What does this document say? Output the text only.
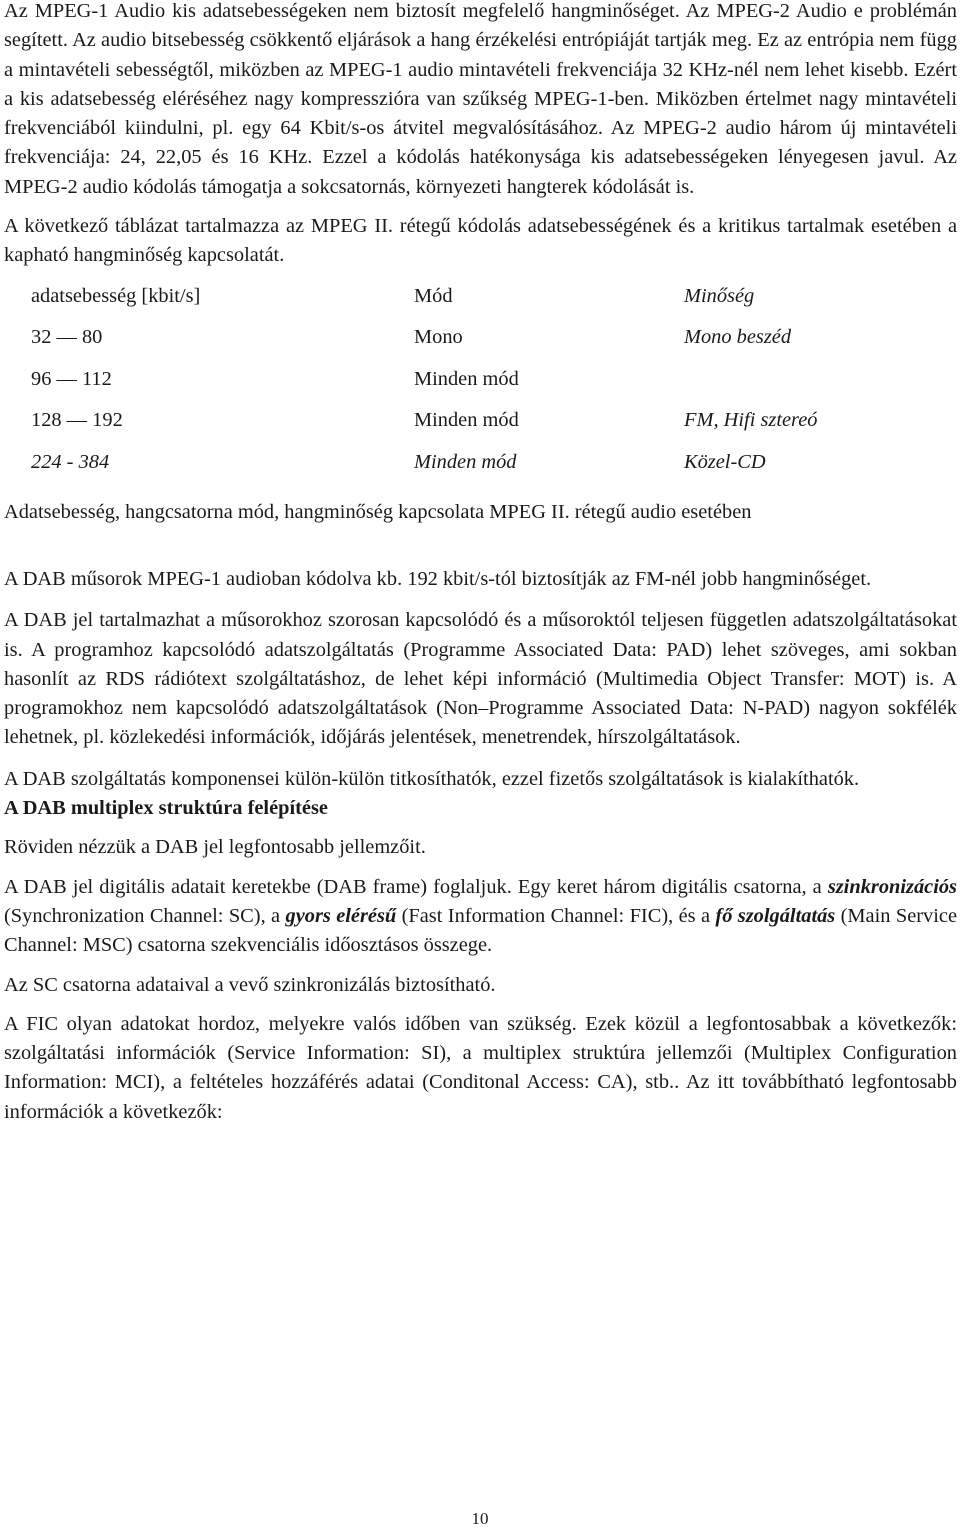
Az MPEG-1 Audio kis adatsebességeken nem biztosít megfelelő hangminőséget. Az MPEG-2 Audio e problémán segített. Az audio bitsebesség csökkentő eljárások a hang érzékelési entrópiáját tartják meg. Ez az entrópia nem függ a mintavételi sebességtől, miközben az MPEG-1 audio mintavételi frekvenciája 32 KHz-nél nem lehet kisebb. Ezért a kis adatsebesség eléréséhez nagy kompresszióra van szűkség MPEG-1-ben. Miközben értelmet nagy mintavételi frekvenciából kiindulni, pl. egy 64 Kbit/s-os átvitel megvalósításához. Az MPEG-2 audio három új mintavételi frekvenciája: 24, 22,05 és 16 KHz. Ezzel a kódolás hatékonysága kis adatsebességeken lényegesen javul. Az MPEG-2 audio kódolás támogatja a sokcsatornás, környezeti hangterek kódolását is.

A következő táblázat tartalmazza az MPEG II. rétegű kódolás adatsebességének és a kritikus tartalmak esetében a kapható hangminőség kapcsolatát.

adatsebesség [kbit/s]	Mód	Minőség
32 — 80	Mono	Mono beszéd
96 — 112	Minden mód	
128 — 192	Minden mód	FM, Hifi sztereó
224 - 384	Minden mód	Közel-CD

Adatsebesség, hangcsatorna mód, hangminőség kapcsolata MPEG II. rétegű audio esetében

A DAB műsorok MPEG-1 audioban kódolva kb. 192 kbit/s-tól biztosítják az FM-nél jobb hangminőséget.

A DAB jel tartalmazhat a műsorokhoz szorosan kapcsolódó és a műsoroktól teljesen független adatszolgáltatásokat is. A programhoz kapcsolódó adatszolgáltatás (Programme Associated Data: PAD) lehet szöveges, ami sokban hasonlít az RDS rádiótext szolgáltatáshoz, de lehet képi információ (Multimedia Object Transfer: MOT) is. A programokhoz nem kapcsolódó adatszolgáltatások (Non–Programme Associated Data: N-PAD) nagyon sokfélék lehetnek, pl. közlekedési információk, időjárás jelentések, menetrendek, hírszolgáltatások.

A DAB szolgáltatás komponensei külön-külön titkosíthatók, ezzel fizetős szolgáltatások is kialakíthatók.

A DAB multiplex struktúra felépítése

Röviden nézzük a DAB jel legfontosabb jellemzőit.

A DAB jel digitális adatait keretekbe (DAB frame) foglaljuk. Egy keret három digitális csatorna, a szinkronizációs (Synchronization Channel: SC), a gyors elérésű (Fast Information Channel: FIC), és a fő szolgáltatás (Main Service Channel: MSC) csatorna szekvenciális időosztásos összege.

Az SC csatorna adataival a vevő szinkronizálás biztosítható.

A FIC olyan adatokat hordoz, melyekre valós időben van szükség. Ezek közül a legfontosabbak a következők: szolgáltatási információk (Service Information: SI), a multiplex struktúra jellemzői (Multiplex Configuration Information: MCI), a feltételes hozzáférés adatai (Conditonal Access: CA), stb.. Az itt továbbítható legfontosabb információk a következők:

10
